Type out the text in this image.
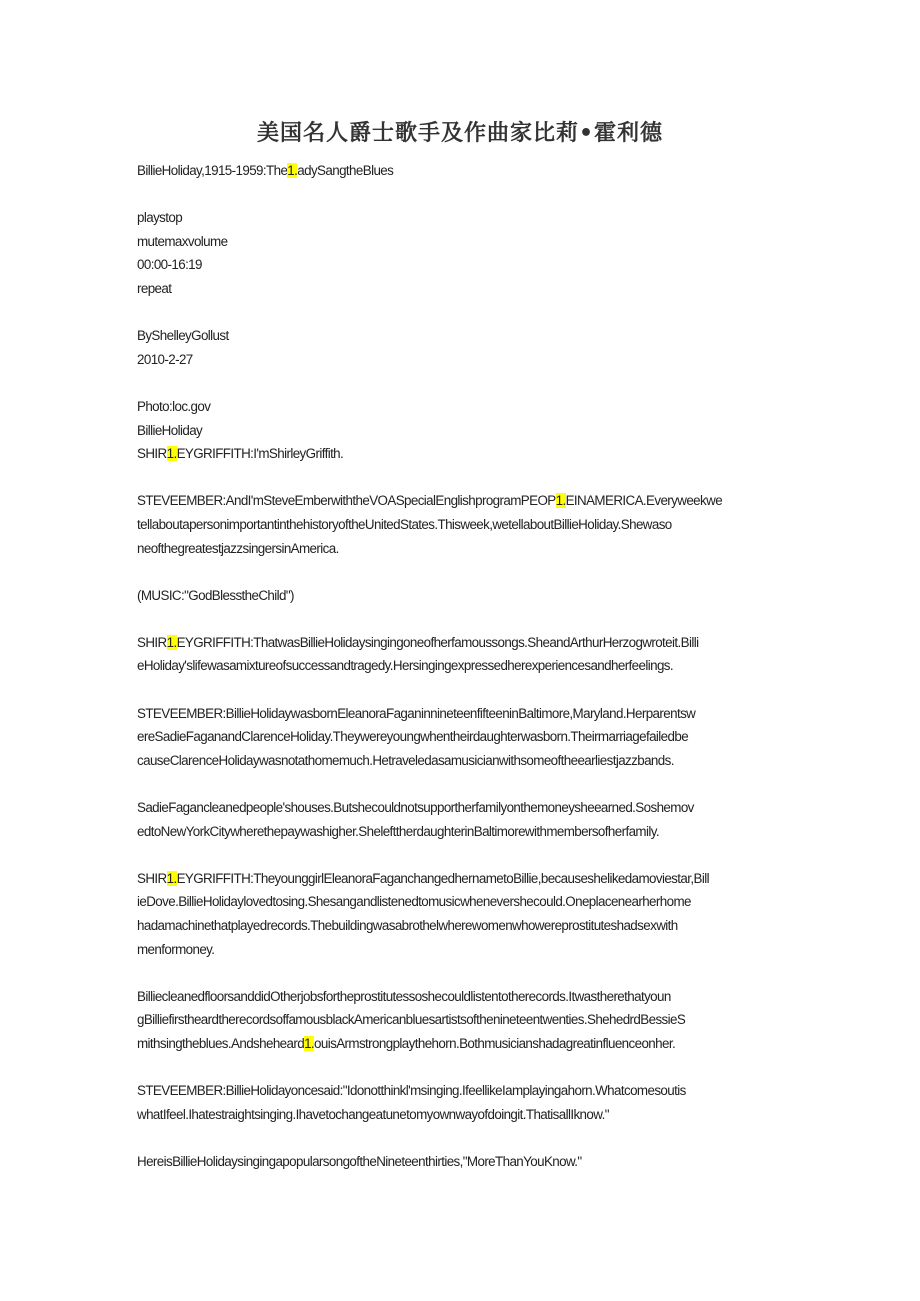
美国名人爵士歌手及作曲家比莉•霍利德
BillieHoliday,1915-1959:The1.adySangtheBlues
playstop
mutemaxvolume
00:00-16:19
repeat
ByShelleyGollust
2010-2-27
Photo:loc.gov
BillieHoliday
SHIR1.EYGRIFFITH:I'mShirleyGriffith.
STEVEEMBER:AndI'mSteveEmberwiththeVOASpecialEnglishprogramPEOP1.EINAMERICA.Everyweekwe
tellaboutapersonimportantinthehistoryoftheUnitedStates.Thisweek,wetellaboutBillieHoliday.Shewaso
neofthegreatestjazzsingersinAmerica.
(MUSIC:"GodBlesstheChild")
SHIR1.EYGRIFFITH:ThatwasBillieHolidaysingingoneofherfamoussongs.SheandArthurHerzogwroteit.Billi
eHoliday'slifewasamixtureofsuccessandtragedy.Hersingingexpressedherexperiencesandherfeelings.
STEVEEMBER:BillieHolidaywasbornEleanoraFaganinnineteenfifteeninBaltimore,Maryland.Herparentsw
ereSadieFaganandClarenceHoliday.Theywereyoungwhentheirdaughterwasborn.Theirmarriagefailedbe
causeClarenceHolidaywasnotathomemuch.Hetraveledasamusicianwithsomeoftheearliestjazzbands.
SadieFagancleanedpeople'shouses.Butshecouldnotsupportherfamilyonthemoneysheearned.Soshemov
edtoNewYorkCitywherethepaywashigher.ShelefttherdaughterinBaltimorewithmembersofherfamily.
SHIR1.EYGRIFFITH:TheyounggirlEleanoraFaganchangedhernametoBillie,becauseshelikedamoviestar,Bill
ieDove.BillieHolidaylovedtosing.Shesangandlistenedtomusicwhenevershecould.Oneplacenearherhome
hadamachinethatplayedrecords.Thebuildingwasabrothelwherewomenwhowereprostituteshadsexwith
menformoney.
BilliecleanedfloorsanddidOtherjobsfortheprostitutessoshecouldlistentotherecords.Itwastherethatyoun
gBilliefirstheardtherecordsoffamousblackAmericanbluesartistsofthenineteentwenties.ShehedrdBessieS
mithsingtheblues.Andsheheard1.ouisArmstrongplaythehorn.Bothmusicianshadagreatinfluenceonher.
STEVEEMBER:BillieHolidayoncesaid:"Idonotthinkl'msinging.IfeellikeIamplayingahorn.Whatcomesoutis
whatIfeel.Ihatestraightsinging.Ihavetochangeatunetomyownwayofdoingit.ThatisallIknow."
HereisBillieHolidaysingingapopularsongoftheNineteenthirties,"MoreThanYouKnow."
